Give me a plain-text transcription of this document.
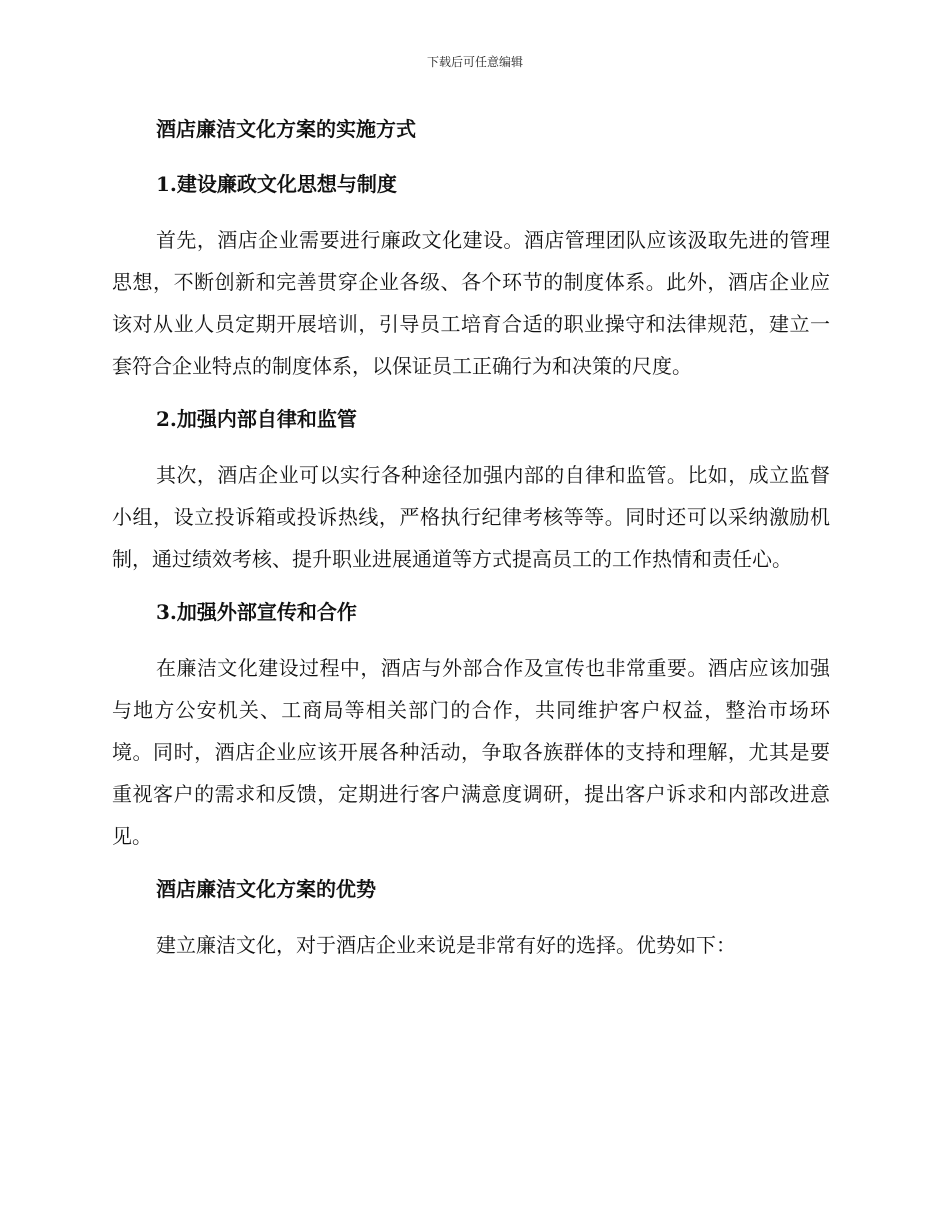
下载后可任意编辑
酒店廉洁文化方案的实施方式
1.建设廉政文化思想与制度

首先，酒店企业需要进行廉政文化建设。酒店管理团队应该汲取先进的管理思想，不断创新和完善贯穿企业各级、各个环节的制度体系。此外，酒店企业应该对从业人员定期开展培训，引导员工培育合适的职业操守和法律规范，建立一套符合企业特点的制度体系，以保证员工正确行为和决策的尺度。

2.加强内部自律和监管

其次，酒店企业可以实行各种途径加强内部的自律和监管。比如，成立监督小组，设立投诉箱或投诉热线，严格执行纪律考核等等。同时还可以采纳激励机制，通过绩效考核、提升职业进展通道等方式提高员工的工作热情和责任心。

3.加强外部宣传和合作

在廉洁文化建设过程中，酒店与外部合作及宣传也非常重要。酒店应该加强与地方公安机关、工商局等相关部门的合作，共同维护客户权益，整治市场环境。同时，酒店企业应该开展各种活动，争取各族群体的支持和理解，尤其是要重视客户的需求和反馈，定期进行客户满意度调研，提出客户诉求和内部改进意见。

酒店廉洁文化方案的优势

建立廉洁文化，对于酒店企业来说是非常有好的选择。优势如下：
